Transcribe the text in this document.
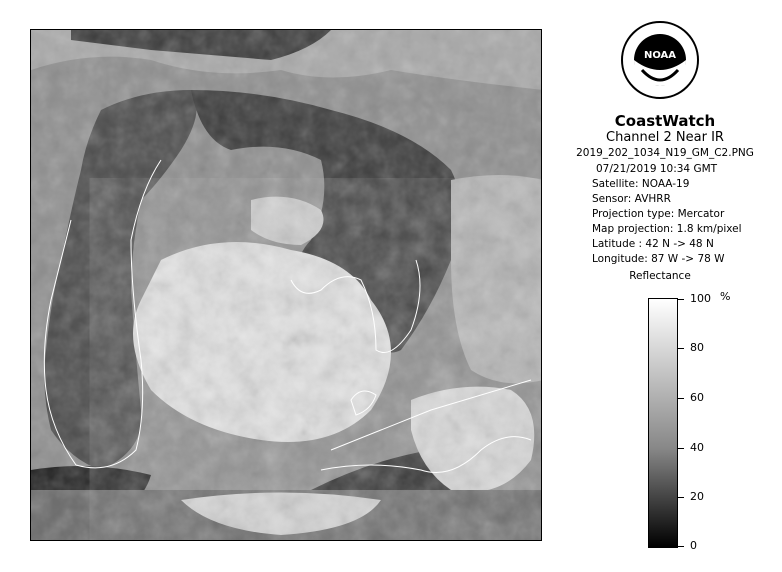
NOAA
CoastWatch
Channel 2 Near IR
2019_202_1034_N19_GM_C2.PNG
07/21/2019 10:34 GMT
Satellite: NOAA-19
Sensor: AVHRR
Projection type: Mercator
Map projection: 1.8 km/pixel
Latitude : 42 N -> 48 N
Longitude: 87 W -> 78 W
Reflectance
%
100
80
60
40
20
0
